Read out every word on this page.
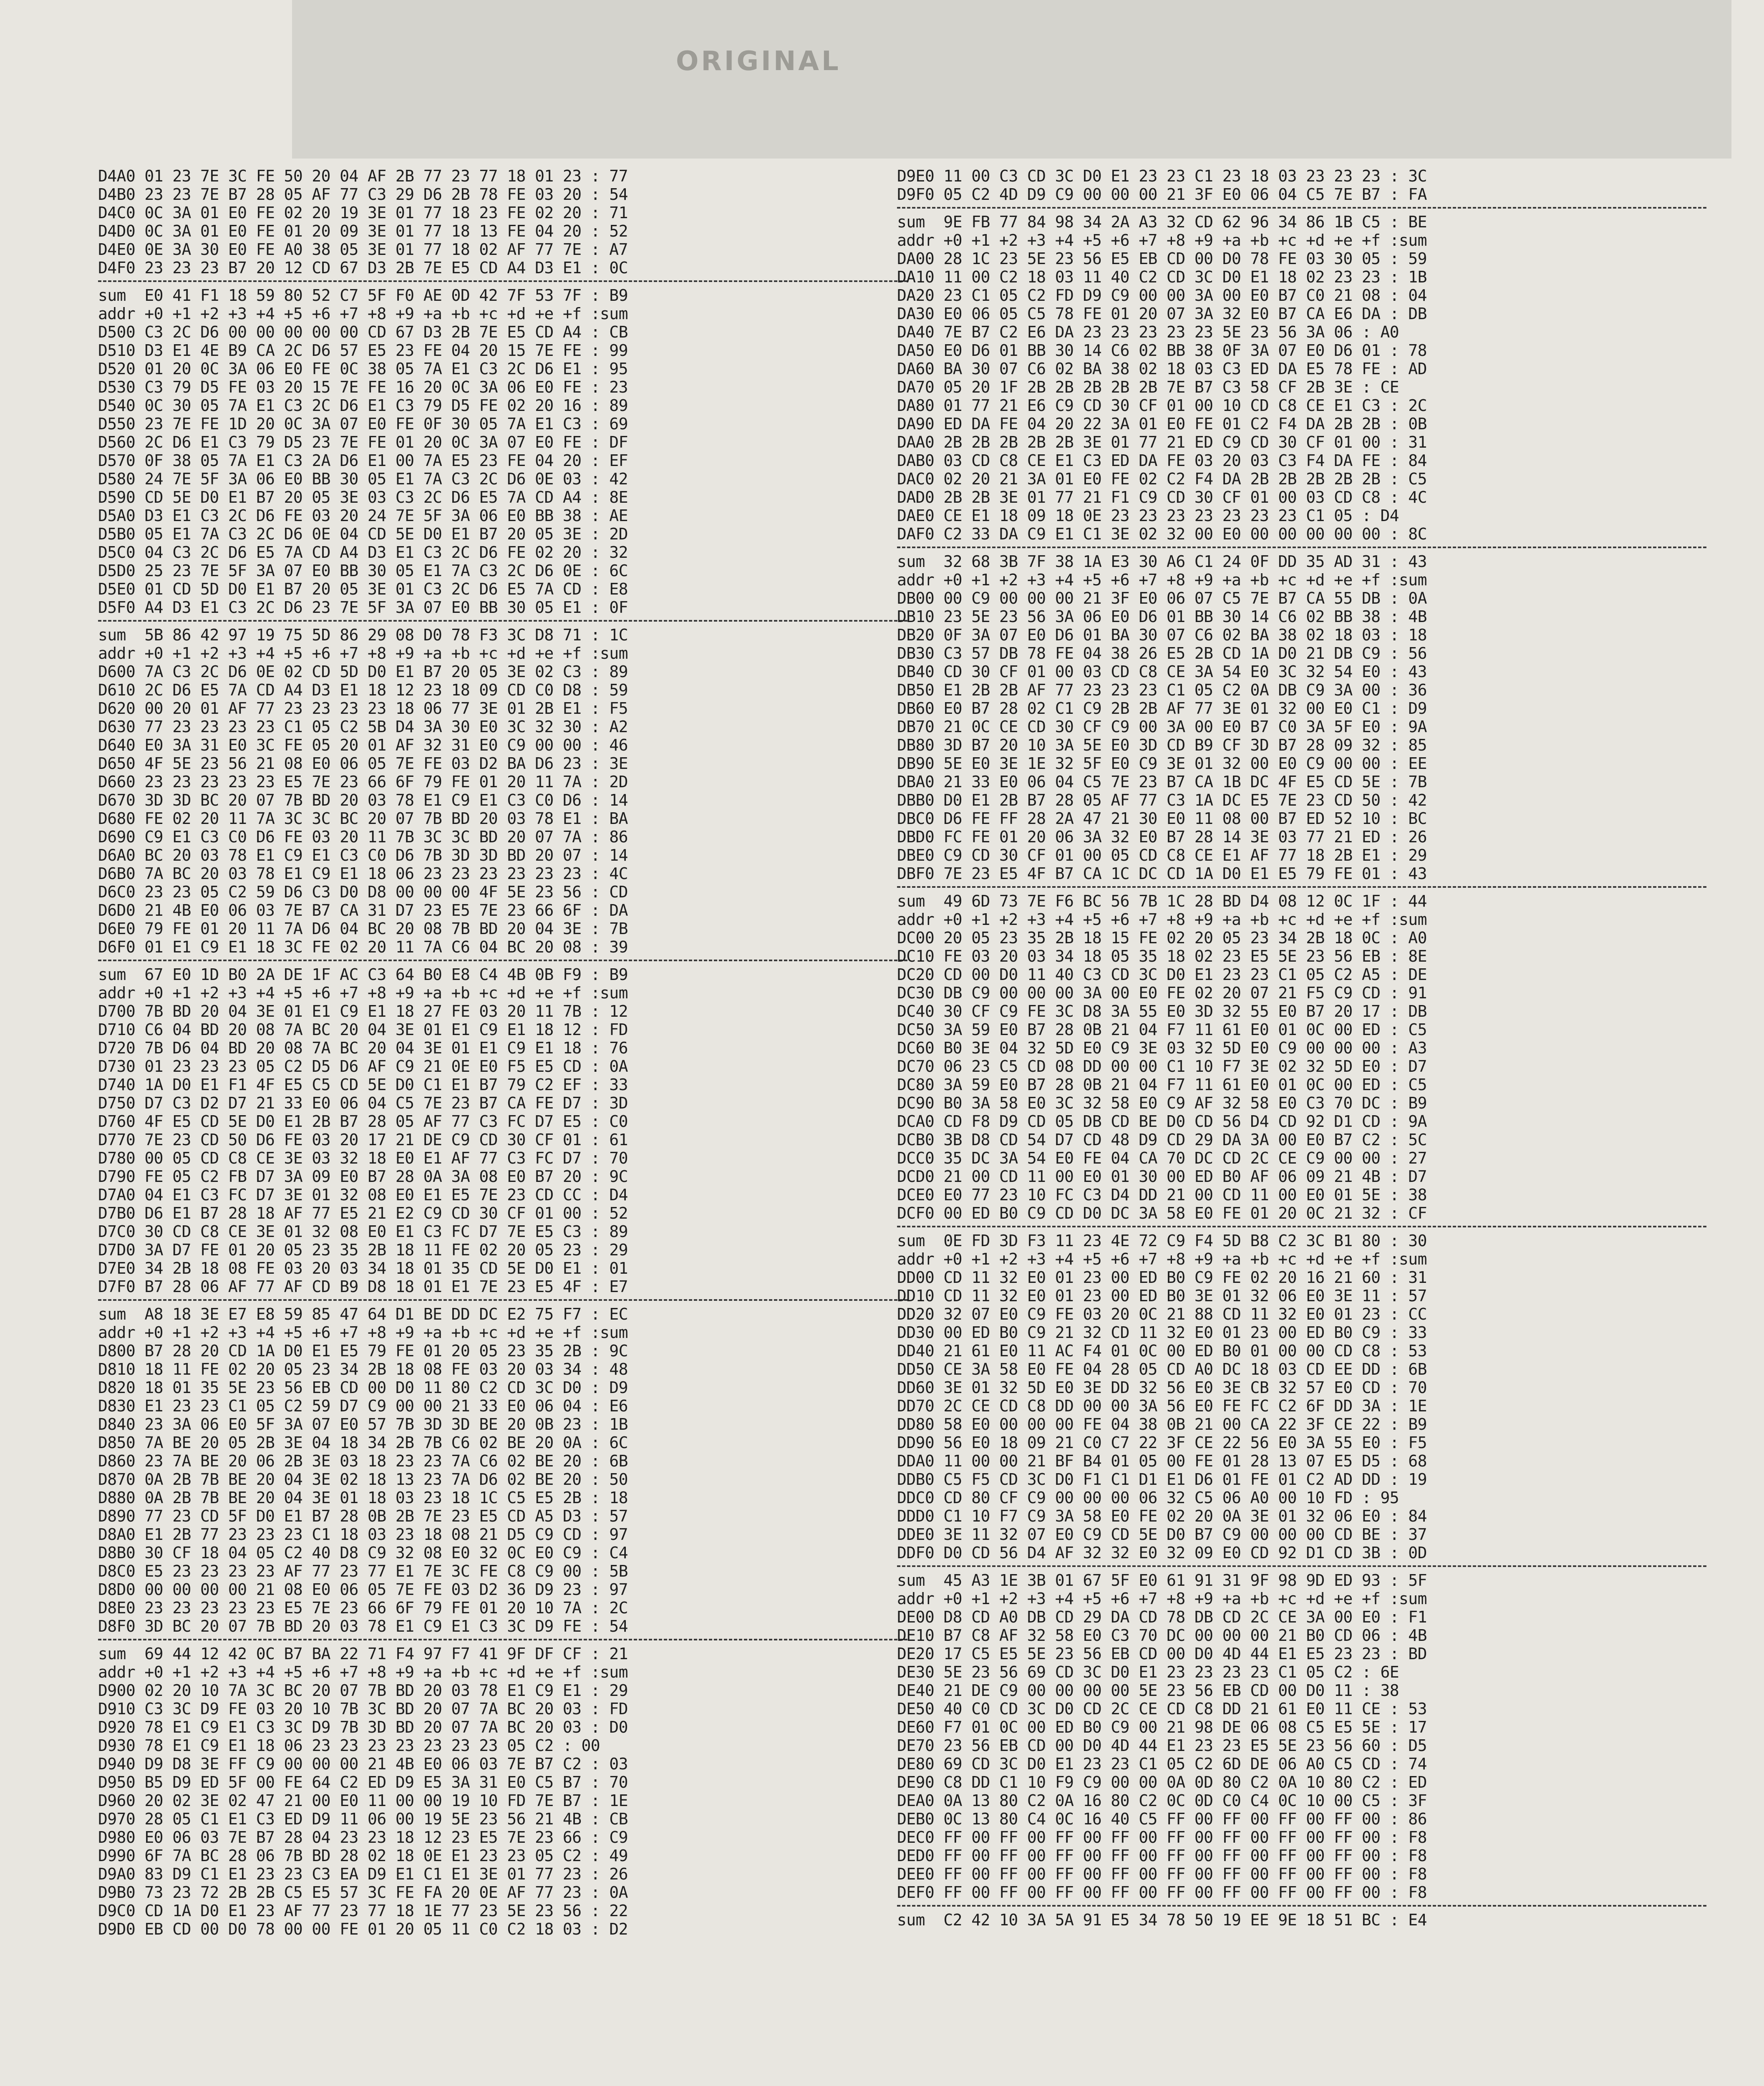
ORIGINAL
D4A0 01 23 7E 3C FE 50 20 04 AF 2B 77 23 77 18 01 23 : 77
D4B0 23 23 7E B7 28 05 AF 77 C3 29 D6 2B 78 FE 03 20 : 54
D4C0 0C 3A 01 E0 FE 02 20 19 3E 01 77 18 23 FE 02 20 : 71
D4D0 0C 3A 01 E0 FE 01 20 09 3E 01 77 18 13 FE 04 20 : 52
D4E0 0E 3A 30 E0 FE A0 38 05 3E 01 77 18 02 AF 77 7E : A7
D4F0 23 23 23 B7 20 12 CD 67 D3 2B 7E E5 CD A4 D3 E1 : 0C
sum  E0 41 F1 18 59 80 52 C7 5F F0 AE 0D 42 7F 53 7F : B9
addr +0 +1 +2 +3 +4 +5 +6 +7 +8 +9 +a +b +c +d +e +f :sum
D500 C3 2C D6 00 00 00 00 00 CD 67 D3 2B 7E E5 CD A4 : CB
D510 D3 E1 4E B9 CA 2C D6 57 E5 23 FE 04 20 15 7E FE : 99
D520 01 20 0C 3A 06 E0 FE 0C 38 05 7A E1 C3 2C D6 E1 : 95
D530 C3 79 D5 FE 03 20 15 7E FE 16 20 0C 3A 06 E0 FE : 23
D540 0C 30 05 7A E1 C3 2C D6 E1 C3 79 D5 FE 02 20 16 : 89
D550 23 7E FE 1D 20 0C 3A 07 E0 FE 0F 30 05 7A E1 C3 : 69
D560 2C D6 E1 C3 79 D5 23 7E FE 01 20 0C 3A 07 E0 FE : DF
D570 0F 38 05 7A E1 C3 2A D6 E1 00 7A E5 23 FE 04 20 : EF
D580 24 7E 5F 3A 06 E0 BB 30 05 E1 7A C3 2C D6 0E 03 : 42
D590 CD 5E D0 E1 B7 20 05 3E 03 C3 2C D6 E5 7A CD A4 : 8E
D5A0 D3 E1 C3 2C D6 FE 03 20 24 7E 5F 3A 06 E0 BB 38 : AE
D5B0 05 E1 7A C3 2C D6 0E 04 CD 5E D0 E1 B7 20 05 3E : 2D
D5C0 04 C3 2C D6 E5 7A CD A4 D3 E1 C3 2C D6 FE 02 20 : 32
D5D0 25 23 7E 5F 3A 07 E0 BB 30 05 E1 7A C3 2C D6 0E : 6C
D5E0 01 CD 5D D0 E1 B7 20 05 3E 01 C3 2C D6 E5 7A CD : E8
D5F0 A4 D3 E1 C3 2C D6 23 7E 5F 3A 07 E0 BB 30 05 E1 : 0F
sum  5B 86 42 97 19 75 5D 86 29 08 D0 78 F3 3C D8 71 : 1C
addr +0 +1 +2 +3 +4 +5 +6 +7 +8 +9 +a +b +c +d +e +f :sum
D600 7A C3 2C D6 0E 02 CD 5D D0 E1 B7 20 05 3E 02 C3 : 89
D610 2C D6 E5 7A CD A4 D3 E1 18 12 23 18 09 CD C0 D8 : 59
D620 00 20 01 AF 77 23 23 23 23 18 06 77 3E 01 2B E1 : F5
D630 77 23 23 23 23 C1 05 C2 5B D4 3A 30 E0 3C 32 30 : A2
D640 E0 3A 31 E0 3C FE 05 20 01 AF 32 31 E0 C9 00 00 : 46
D650 4F 5E 23 56 21 08 E0 06 05 7E FE 03 D2 BA D6 23 : 3E
D660 23 23 23 23 23 E5 7E 23 66 6F 79 FE 01 20 11 7A : 2D
D670 3D 3D BC 20 07 7B BD 20 03 78 E1 C9 E1 C3 C0 D6 : 14
D680 FE 02 20 11 7A 3C 3C BC 20 07 7B BD 20 03 78 E1 : BA
D690 C9 E1 C3 C0 D6 FE 03 20 11 7B 3C 3C BD 20 07 7A : 86
D6A0 BC 20 03 78 E1 C9 E1 C3 C0 D6 7B 3D 3D BD 20 07 : 14
D6B0 7A BC 20 03 78 E1 C9 E1 18 06 23 23 23 23 23 23 : 4C
D6C0 23 23 05 C2 59 D6 C3 D0 D8 00 00 00 4F 5E 23 56 : CD
D6D0 21 4B E0 06 03 7E B7 CA 31 D7 23 E5 7E 23 66 6F : DA
D6E0 79 FE 01 20 11 7A D6 04 BC 20 08 7B BD 20 04 3E : 7B
D6F0 01 E1 C9 E1 18 3C FE 02 20 11 7A C6 04 BC 20 08 : 39
sum  67 E0 1D B0 2A DE 1F AC C3 64 B0 E8 C4 4B 0B F9 : B9
addr +0 +1 +2 +3 +4 +5 +6 +7 +8 +9 +a +b +c +d +e +f :sum
D700 7B BD 20 04 3E 01 E1 C9 E1 18 27 FE 03 20 11 7B : 12
D710 C6 04 BD 20 08 7A BC 20 04 3E 01 E1 C9 E1 18 12 : FD
D720 7B D6 04 BD 20 08 7A BC 20 04 3E 01 E1 C9 E1 18 : 76
D730 01 23 23 23 05 C2 D5 D6 AF C9 21 0E E0 F5 E5 CD : 0A
D740 1A D0 E1 F1 4F E5 C5 CD 5E D0 C1 E1 B7 79 C2 EF : 33
D750 D7 C3 D2 D7 21 33 E0 06 04 C5 7E 23 B7 CA FE D7 : 3D
D760 4F E5 CD 5E D0 E1 2B B7 28 05 AF 77 C3 FC D7 E5 : C0
D770 7E 23 CD 50 D6 FE 03 20 17 21 DE C9 CD 30 CF 01 : 61
D780 00 05 CD C8 CE 3E 03 32 18 E0 E1 AF 77 C3 FC D7 : 70
D790 FE 05 C2 FB D7 3A 09 E0 B7 28 0A 3A 08 E0 B7 20 : 9C
D7A0 04 E1 C3 FC D7 3E 01 32 08 E0 E1 E5 7E 23 CD CC : D4
D7B0 D6 E1 B7 28 18 AF 77 E5 21 E2 C9 CD 30 CF 01 00 : 52
D7C0 30 CD C8 CE 3E 01 32 08 E0 E1 C3 FC D7 7E E5 C3 : 89
D7D0 3A D7 FE 01 20 05 23 35 2B 18 11 FE 02 20 05 23 : 29
D7E0 34 2B 18 08 FE 03 20 03 34 18 01 35 CD 5E D0 E1 : 01
D7F0 B7 28 06 AF 77 AF CD B9 D8 18 01 E1 7E 23 E5 4F : E7
sum  A8 18 3E E7 E8 59 85 47 64 D1 BE DD DC E2 75 F7 : EC
addr +0 +1 +2 +3 +4 +5 +6 +7 +8 +9 +a +b +c +d +e +f :sum
D800 B7 28 20 CD 1A D0 E1 E5 79 FE 01 20 05 23 35 2B : 9C
D810 18 11 FE 02 20 05 23 34 2B 18 08 FE 03 20 03 34 : 48
D820 18 01 35 5E 23 56 EB CD 00 D0 11 80 C2 CD 3C D0 : D9
D830 E1 23 23 C1 05 C2 59 D7 C9 00 00 21 33 E0 06 04 : E6
D840 23 3A 06 E0 5F 3A 07 E0 57 7B 3D 3D BE 20 0B 23 : 1B
D850 7A BE 20 05 2B 3E 04 18 34 2B 7B C6 02 BE 20 0A : 6C
D860 23 7A BE 20 06 2B 3E 03 18 23 23 7A C6 02 BE 20 : 6B
D870 0A 2B 7B BE 20 04 3E 02 18 13 23 7A D6 02 BE 20 : 50
D880 0A 2B 7B BE 20 04 3E 01 18 03 23 18 1C C5 E5 2B : 18
D890 77 23 CD 5F D0 E1 B7 28 0B 2B 7E 23 E5 CD A5 D3 : 57
D8A0 E1 2B 77 23 23 23 C1 18 03 23 18 08 21 D5 C9 CD : 97
D8B0 30 CF 18 04 05 C2 40 D8 C9 32 08 E0 32 0C E0 C9 : C4
D8C0 E5 23 23 23 23 AF 77 23 77 E1 7E 3C FE C8 C9 00 : 5B
D8D0 00 00 00 00 21 08 E0 06 05 7E FE 03 D2 36 D9 23 : 97
D8E0 23 23 23 23 23 E5 7E 23 66 6F 79 FE 01 20 10 7A : 2C
D8F0 3D BC 20 07 7B BD 20 03 78 E1 C9 E1 C3 3C D9 FE : 54
sum  69 44 12 42 0C B7 BA 22 71 F4 97 F7 41 9F DF CF : 21
addr +0 +1 +2 +3 +4 +5 +6 +7 +8 +9 +a +b +c +d +e +f :sum
D900 02 20 10 7A 3C BC 20 07 7B BD 20 03 78 E1 C9 E1 : 29
D910 C3 3C D9 FE 03 20 10 7B 3C BD 20 07 7A BC 20 03 : FD
D920 78 E1 C9 E1 C3 3C D9 7B 3D BD 20 07 7A BC 20 03 : D0
D930 78 E1 C9 E1 18 06 23 23 23 23 23 23 23 05 C2 : 00
D940 D9 D8 3E FF C9 00 00 00 21 4B E0 06 03 7E B7 C2 : 03
D950 B5 D9 ED 5F 00 FE 64 C2 ED D9 E5 3A 31 E0 C5 B7 : 70
D960 20 02 3E 02 47 21 00 E0 11 00 00 19 10 FD 7E B7 : 1E
D970 28 05 C1 E1 C3 ED D9 11 06 00 19 5E 23 56 21 4B : CB
D980 E0 06 03 7E B7 28 04 23 23 18 12 23 E5 7E 23 66 : C9
D990 6F 7A BC 28 06 7B BD 28 02 18 0E E1 23 23 05 C2 : 49
D9A0 83 D9 C1 E1 23 23 C3 EA D9 E1 C1 E1 3E 01 77 23 : 26
D9B0 73 23 72 2B 2B C5 E5 57 3C FE FA 20 0E AF 77 23 : 0A
D9C0 CD 1A D0 E1 23 AF 77 23 77 18 1E 77 23 5E 23 56 : 22
D9D0 EB CD 00 D0 78 00 00 FE 01 20 05 11 C0 C2 18 03 : D2
D9E0 11 00 C3 CD 3C D0 E1 23 23 C1 23 18 03 23 23 23 : 3C
D9F0 05 C2 4D D9 C9 00 00 00 21 3F E0 06 04 C5 7E B7 : FA
sum  9E FB 77 84 98 34 2A A3 32 CD 62 96 34 86 1B C5 : BE
addr +0 +1 +2 +3 +4 +5 +6 +7 +8 +9 +a +b +c +d +e +f :sum
DA00 28 1C 23 5E 23 56 E5 EB CD 00 D0 78 FE 03 30 05 : 59
DA10 11 00 C2 18 03 11 40 C2 CD 3C D0 E1 18 02 23 23 : 1B
DA20 23 C1 05 C2 FD D9 C9 00 00 3A 00 E0 B7 C0 21 08 : 04
DA30 E0 06 05 C5 78 FE 01 20 07 3A 32 E0 B7 CA E6 DA : DB
DA40 7E B7 C2 E6 DA 23 23 23 23 23 5E 23 56 3A 06 : A0
DA50 E0 D6 01 BB 30 14 C6 02 BB 38 0F 3A 07 E0 D6 01 : 78
DA60 BA 30 07 C6 02 BA 38 02 18 03 C3 ED DA E5 78 FE : AD
DA70 05 20 1F 2B 2B 2B 2B 2B 7E B7 C3 58 CF 2B 3E : CE
DA80 01 77 21 E6 C9 CD 30 CF 01 00 10 CD C8 CE E1 C3 : 2C
DA90 ED DA FE 04 20 22 3A 01 E0 FE 01 C2 F4 DA 2B 2B : 0B
DAA0 2B 2B 2B 2B 2B 3E 01 77 21 ED C9 CD 30 CF 01 00 : 31
DAB0 03 CD C8 CE E1 C3 ED DA FE 03 20 03 C3 F4 DA FE : 84
DAC0 02 20 21 3A 01 E0 FE 02 C2 F4 DA 2B 2B 2B 2B 2B : C5
DAD0 2B 2B 3E 01 77 21 F1 C9 CD 30 CF 01 00 03 CD C8 : 4C
DAE0 CE E1 18 09 18 0E 23 23 23 23 23 23 23 C1 05 : D4
DAF0 C2 33 DA C9 E1 C1 3E 02 32 00 E0 00 00 00 00 00 : 8C
sum  32 68 3B 7F 38 1A E3 30 A6 C1 24 0F DD 35 AD 31 : 43
addr +0 +1 +2 +3 +4 +5 +6 +7 +8 +9 +a +b +c +d +e +f :sum
DB00 00 C9 00 00 00 21 3F E0 06 07 C5 7E B7 CA 55 DB : 0A
DB10 23 5E 23 56 3A 06 E0 D6 01 BB 30 14 C6 02 BB 38 : 4B
DB20 0F 3A 07 E0 D6 01 BA 30 07 C6 02 BA 38 02 18 03 : 18
DB30 C3 57 DB 78 FE 04 38 26 E5 2B CD 1A D0 21 DB C9 : 56
DB40 CD 30 CF 01 00 03 CD C8 CE 3A 54 E0 3C 32 54 E0 : 43
DB50 E1 2B 2B AF 77 23 23 23 C1 05 C2 0A DB C9 3A 00 : 36
DB60 E0 B7 28 02 C1 C9 2B 2B AF 77 3E 01 32 00 E0 C1 : D9
DB70 21 0C CE CD 30 CF C9 00 3A 00 E0 B7 C0 3A 5F E0 : 9A
DB80 3D B7 20 10 3A 5E E0 3D CD B9 CF 3D B7 28 09 32 : 85
DB90 5E E0 3E 1E 32 5F E0 C9 3E 01 32 00 E0 C9 00 00 : EE
DBA0 21 33 E0 06 04 C5 7E 23 B7 CA 1B DC 4F E5 CD 5E : 7B
DBB0 D0 E1 2B B7 28 05 AF 77 C3 1A DC E5 7E 23 CD 50 : 42
DBC0 D6 FE FF 28 2A 47 21 30 E0 11 08 00 B7 ED 52 10 : BC
DBD0 FC FE 01 20 06 3A 32 E0 B7 28 14 3E 03 77 21 ED : 26
DBE0 C9 CD 30 CF 01 00 05 CD C8 CE E1 AF 77 18 2B E1 : 29
DBF0 7E 23 E5 4F B7 CA 1C DC CD 1A D0 E1 E5 79 FE 01 : 43
sum  49 6D 73 7E F6 BC 56 7B 1C 28 BD D4 08 12 0C 1F : 44
addr +0 +1 +2 +3 +4 +5 +6 +7 +8 +9 +a +b +c +d +e +f :sum
DC00 20 05 23 35 2B 18 15 FE 02 20 05 23 34 2B 18 0C : A0
DC10 FE 03 20 03 34 18 05 35 18 02 23 E5 5E 23 56 EB : 8E
DC20 CD 00 D0 11 40 C3 CD 3C D0 E1 23 23 C1 05 C2 A5 : DE
DC30 DB C9 00 00 00 3A 00 E0 FE 02 20 07 21 F5 C9 CD : 91
DC40 30 CF C9 FE 3C D8 3A 55 E0 3D 32 55 E0 B7 20 17 : DB
DC50 3A 59 E0 B7 28 0B 21 04 F7 11 61 E0 01 0C 00 ED : C5
DC60 B0 3E 04 32 5D E0 C9 3E 03 32 5D E0 C9 00 00 00 : A3
DC70 06 23 C5 CD 08 DD 00 00 C1 10 F7 3E 02 32 5D E0 : D7
DC80 3A 59 E0 B7 28 0B 21 04 F7 11 61 E0 01 0C 00 ED : C5
DC90 B0 3A 58 E0 3C 32 58 E0 C9 AF 32 58 E0 C3 70 DC : B9
DCA0 CD F8 D9 CD 05 DB CD BE D0 CD 56 D4 CD 92 D1 CD : 9A
DCB0 3B D8 CD 54 D7 CD 48 D9 CD 29 DA 3A 00 E0 B7 C2 : 5C
DCC0 35 DC 3A 54 E0 FE 04 CA 70 DC CD 2C CE C9 00 00 : 27
DCD0 21 00 CD 11 00 E0 01 30 00 ED B0 AF 06 09 21 4B : D7
DCE0 E0 77 23 10 FC C3 D4 DD 21 00 CD 11 00 E0 01 5E : 38
DCF0 00 ED B0 C9 CD D0 DC 3A 58 E0 FE 01 20 0C 21 32 : CF
sum  0E FD 3D F3 11 23 4E 72 C9 F4 5D B8 C2 3C B1 80 : 30
addr +0 +1 +2 +3 +4 +5 +6 +7 +8 +9 +a +b +c +d +e +f :sum
DD00 CD 11 32 E0 01 23 00 ED B0 C9 FE 02 20 16 21 60 : 31
DD10 CD 11 32 E0 01 23 00 ED B0 3E 01 32 06 E0 3E 11 : 57
DD20 32 07 E0 C9 FE 03 20 0C 21 88 CD 11 32 E0 01 23 : CC
DD30 00 ED B0 C9 21 32 CD 11 32 E0 01 23 00 ED B0 C9 : 33
DD40 21 61 E0 11 AC F4 01 0C 00 ED B0 01 00 00 CD C8 : 53
DD50 CE 3A 58 E0 FE 04 28 05 CD A0 DC 18 03 CD EE DD : 6B
DD60 3E 01 32 5D E0 3E DD 32 56 E0 3E CB 32 57 E0 CD : 70
DD70 2C CE CD C8 DD 00 00 3A 56 E0 FE FC C2 6F DD 3A : 1E
DD80 58 E0 00 00 00 FE 04 38 0B 21 00 CA 22 3F CE 22 : B9
DD90 56 E0 18 09 21 C0 C7 22 3F CE 22 56 E0 3A 55 E0 : F5
DDA0 11 00 00 21 BF B4 01 05 00 FE 01 28 13 07 E5 D5 : 68
DDB0 C5 F5 CD 3C D0 F1 C1 D1 E1 D6 01 FE 01 C2 AD DD : 19
DDC0 CD 80 CF C9 00 00 00 06 32 C5 06 A0 00 10 FD : 95
DDD0 C1 10 F7 C9 3A 58 E0 FE 02 20 0A 3E 01 32 06 E0 : 84
DDE0 3E 11 32 07 E0 C9 CD 5E D0 B7 C9 00 00 00 CD BE : 37
DDF0 D0 CD 56 D4 AF 32 32 E0 32 09 E0 CD 92 D1 CD 3B : 0D
sum  45 A3 1E 3B 01 67 5F E0 61 91 31 9F 98 9D ED 93 : 5F
addr +0 +1 +2 +3 +4 +5 +6 +7 +8 +9 +a +b +c +d +e +f :sum
DE00 D8 CD A0 DB CD 29 DA CD 78 DB CD 2C CE 3A 00 E0 : F1
DE10 B7 C8 AF 32 58 E0 C3 70 DC 00 00 00 21 B0 CD 06 : 4B
DE20 17 C5 E5 5E 23 56 EB CD 00 D0 4D 44 E1 E5 23 23 : BD
DE30 5E 23 56 69 CD 3C D0 E1 23 23 23 23 C1 05 C2 : 6E
DE40 21 DE C9 00 00 00 00 5E 23 56 EB CD 00 D0 11 : 38
DE50 40 C0 CD 3C D0 CD 2C CE CD C8 DD 21 61 E0 11 CE : 53
DE60 F7 01 0C 00 ED B0 C9 00 21 98 DE 06 08 C5 E5 5E : 17
DE70 23 56 EB CD 00 D0 4D 44 E1 23 23 E5 5E 23 56 60 : D5
DE80 69 CD 3C D0 E1 23 23 C1 05 C2 6D DE 06 A0 C5 CD : 74
DE90 C8 DD C1 10 F9 C9 00 00 0A 0D 80 C2 0A 10 80 C2 : ED
DEA0 0A 13 80 C2 0A 16 80 C2 0C 0D C0 C4 0C 10 00 C5 : 3F
DEB0 0C 13 80 C4 0C 16 40 C5 FF 00 FF 00 FF 00 FF 00 : 86
DEC0 FF 00 FF 00 FF 00 FF 00 FF 00 FF 00 FF 00 FF 00 : F8
DED0 FF 00 FF 00 FF 00 FF 00 FF 00 FF 00 FF 00 FF 00 : F8
DEE0 FF 00 FF 00 FF 00 FF 00 FF 00 FF 00 FF 00 FF 00 : F8
DEF0 FF 00 FF 00 FF 00 FF 00 FF 00 FF 00 FF 00 FF 00 : F8
sum  C2 42 10 3A 5A 91 E5 34 78 50 19 EE 9E 18 51 BC : E4
